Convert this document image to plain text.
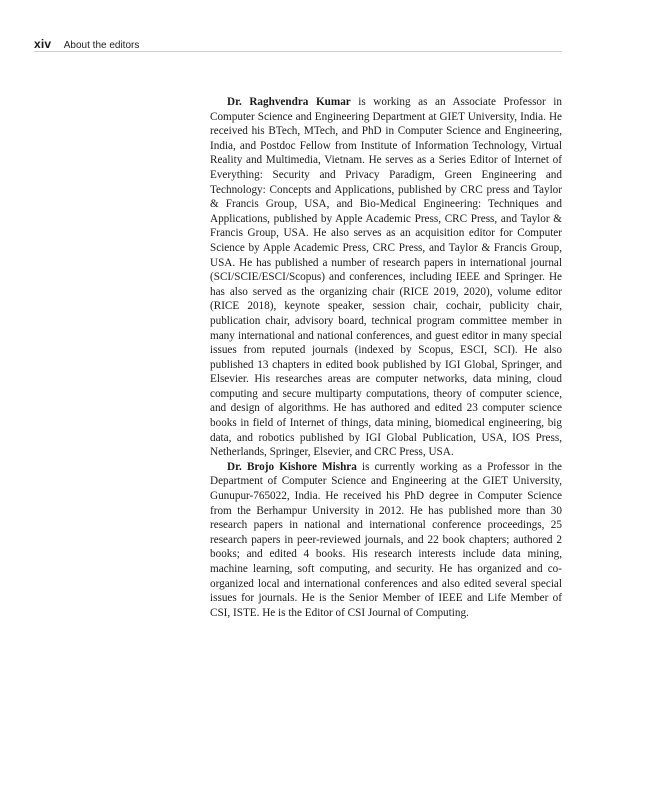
xiv About the editors

Dr. Raghvendra Kumar is working as an Associate Professor in Computer Science and Engineering Department at GIET University, India. He received his BTech, MTech, and PhD in Computer Science and Engineering, India, and Postdoc Fellow from Institute of Information Technology, Virtual Reality and Multimedia, Vietnam. He serves as a Series Editor of Internet of Everything: Security and Privacy Paradigm, Green Engineering and Technology: Concepts and Applications, published by CRC press and Taylor & Francis Group, USA, and Bio-Medical Engineering: Techniques and Applications, published by Apple Academic Press, CRC Press, and Taylor & Francis Group, USA. He also serves as an acquisition editor for Computer Science by Apple Academic Press, CRC Press, and Taylor & Francis Group, USA. He has published a number of research papers in international journal (SCI/SCIE/ESCI/Scopus) and conferences, including IEEE and Springer. He has also served as the organizing chair (RICE 2019, 2020), volume editor (RICE 2018), keynote speaker, session chair, cochair, publicity chair, publication chair, advisory board, technical program committee member in many international and national conferences, and guest editor in many special issues from reputed journals (indexed by Scopus, ESCI, SCI). He also published 13 chapters in edited book published by IGI Global, Springer, and Elsevier. His researches areas are computer networks, data mining, cloud computing and secure multiparty computations, theory of computer science, and design of algorithms. He has authored and edited 23 computer science books in field of Internet of things, data mining, biomedical engineering, big data, and robotics published by IGI Global Publication, USA, IOS Press, Netherlands, Springer, Elsevier, and CRC Press, USA.

Dr. Brojo Kishore Mishra is currently working as a Professor in the Department of Computer Science and Engineering at the GIET University, Gunupur-765022, India. He received his PhD degree in Computer Science from the Berhampur University in 2012. He has published more than 30 research papers in national and international conference proceedings, 25 research papers in peer-reviewed journals, and 22 book chapters; authored 2 books; and edited 4 books. His research interests include data mining, machine learning, soft computing, and security. He has organized and co-organized local and international conferences and also edited several special issues for journals. He is the Senior Member of IEEE and Life Member of CSI, ISTE. He is the Editor of CSI Journal of Computing.
